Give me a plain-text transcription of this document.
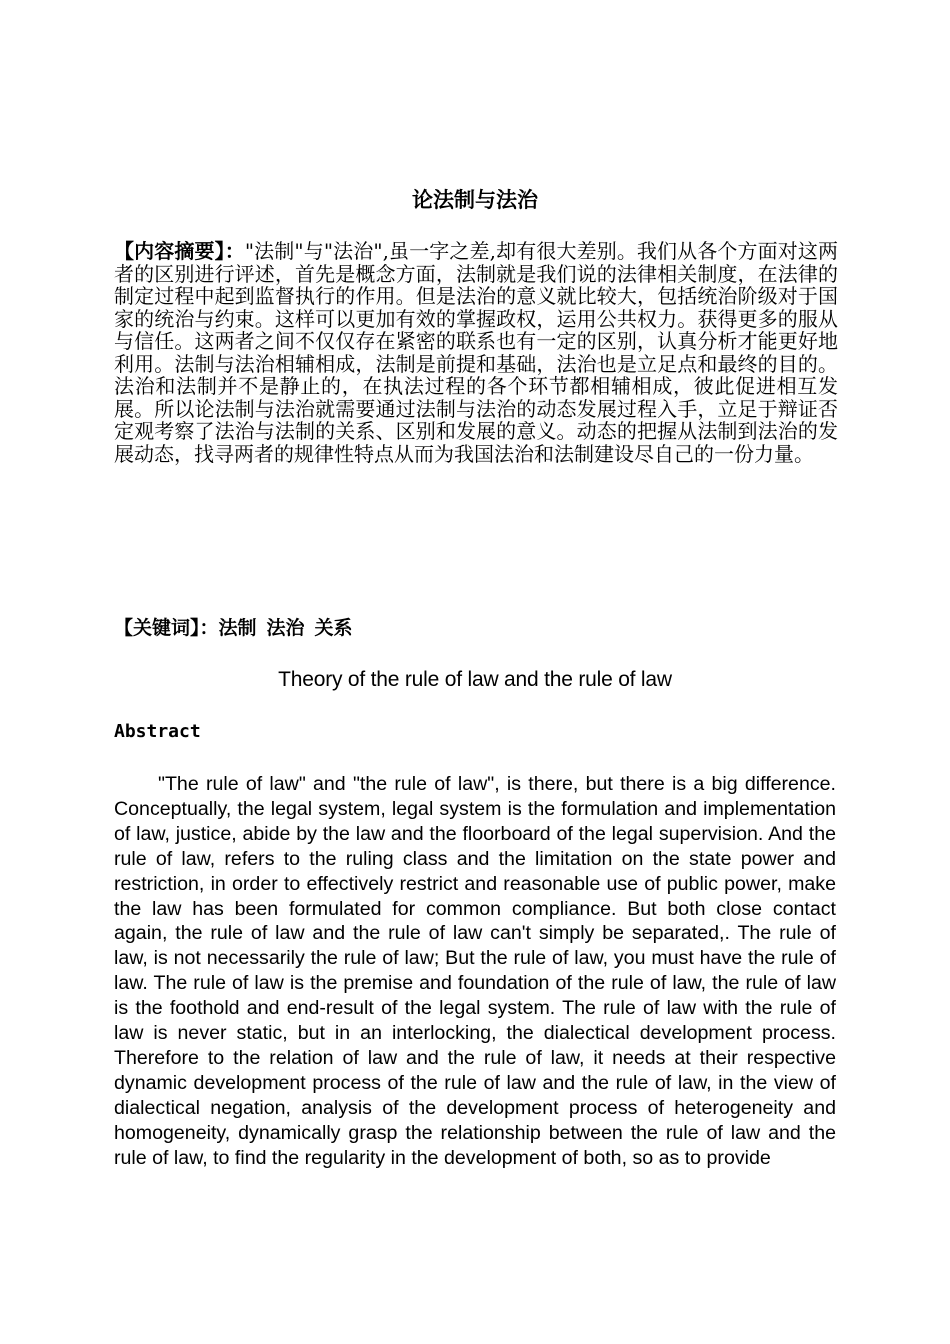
论法制与法治
【内容摘要】："法制"与"法治",虽一字之差,却有很大差别。我们从各个方面对这两者的区别进行评述，首先是概念方面，法制就是我们说的法律相关制度，在法律的制定过程中起到监督执行的作用。但是法治的意义就比较大，包括统治阶级对于国家的统治与约束。这样可以更加有效的掌握政权，运用公共权力。获得更多的服从与信任。这两者之间不仅仅存在紧密的联系也有一定的区别，认真分析才能更好地利用。法制与法治相辅相成，法制是前提和基础，法治也是立足点和最终的目的。法治和法制并不是静止的，在执法过程的各个环节都相辅相成，彼此促进相互发展。所以论法制与法治就需要通过法制与法治的动态发展过程入手，立足于辩证否定观考察了法治与法制的关系、区别和发展的意义。动态的把握从法制到法治的发展动态，找寻两者的规律性特点从而为我国法治和法制建设尽自己的一份力量。
【关键词】：法制 法治 关系
Theory of the rule of law and the rule of law
Abstract

"The rule of law" and "the rule of law", is there, but there is a big difference. Conceptually, the legal system, legal system is the formulation and implementation of law, justice, abide by the law and the floorboard of the legal supervision. And the rule of law, refers to the ruling class and the limitation on the state power and restriction, in order to effectively restrict and reasonable use of public power, make the law has been formulated for common compliance. But both close contact again, the rule of law and the rule of law can't simply be separated,. The rule of law, is not necessarily the rule of law; But the rule of law, you must have the rule of law. The rule of law is the premise and foundation of the rule of law, the rule of law is the foothold and end-result of the legal system. The rule of law with the rule of law is never static, but in an interlocking, the dialectical development process. Therefore to the relation of law and the rule of law, it needs at their respective dynamic development process of the rule of law and the rule of law, in the view of dialectical negation, analysis of the development process of heterogeneity and homogeneity, dynamically grasp the relationship between the rule of law and the rule of law, to find the regularity in the development of both, so as to provide
